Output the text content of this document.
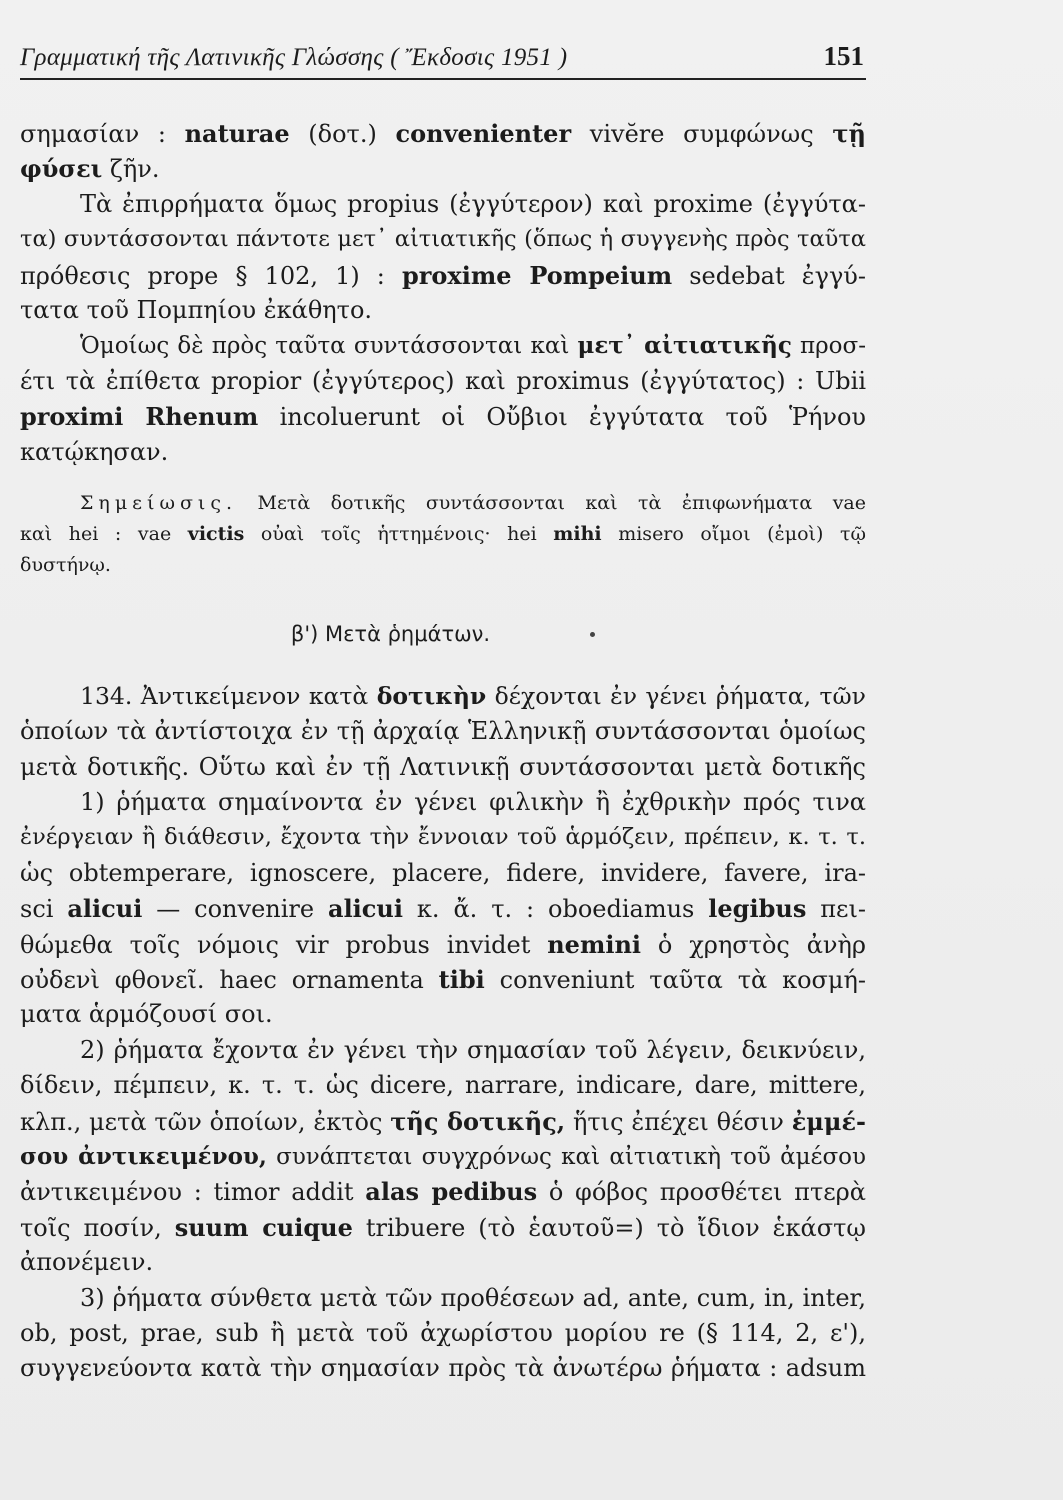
Γραμματική τῆς Λατινικῆς Γλώσσης ( Ἔκδοσις 1951 )	151
σημασίαν : naturae (δοτ.) convenienter vivĕre συμφώνως τῇ
φύσει ζῆν.
Τὰ ἐπιρρήματα ὅμως propius (ἐγγύτερον) καὶ proxime (ἐγγύτα-
τα) συντάσσονται πάντοτε μετ᾽ αἰτιατικῆς (ὅπως ἡ συγγενὴς πρὸς ταῦτα
πρόθεσις prope § 102, 1) : proxime Pompeium sedebat ἐγγύ-
τατα τοῦ Πομπηίου ἐκάθητο.
Ὁμοίως δὲ πρὸς ταῦτα συντάσσονται καὶ μετ᾽ αἰτιατικῆς προσ-
έτι τὰ ἐπίθετα propior (ἐγγύτερος) καὶ proximus (ἐγγύτατος) : Ubii
proximi Rhenum incoluerunt οἱ Οὔβιοι ἐγγύτατα τοῦ Ῥήνου
κατῴκησαν.
Σημείωσις. Μετὰ δοτικῆς συντάσσονται καὶ τὰ ἐπιφωνήματα vae
καὶ hei : vae victis οὐαὶ τοῖς ἡττημένοις· hei mihi misero οἴμοι (ἐμοὶ) τῷ
δυστήνῳ.
β') Μετὰ ῥημάτων.
134. Ἀντικείμενον κατὰ δοτικὴν δέχονται ἐν γένει ῥήματα, τῶν
ὁποίων τὰ ἀντίστοιχα ἐν τῇ ἀρχαίᾳ Ἑλληνικῇ συντάσσονται ὁμοίως
μετὰ δοτικῆς. Οὕτω καὶ ἐν τῇ Λατινικῇ συντάσσονται μετὰ δοτικῆς
1) ῥήματα σημαίνοντα ἐν γένει φιλικὴν ἢ ἐχθρικὴν πρός τινα
ἐνέργειαν ἢ διάθεσιν, ἔχοντα τὴν ἔννοιαν τοῦ ἁρμόζειν, πρέπειν, κ. τ. τ.
ὡς obtemperare, ignoscere, placere, fidere, invidere, favere, ira-
sci alicui — convenire alicui κ. ἄ. τ. : oboediamus legibus πει-
θώμεθα τοῖς νόμοις vir probus invidet nemini ὁ χρηστὸς ἀνὴρ
οὐδενὶ φθονεῖ. haec ornamenta tibi conveniunt ταῦτα τὰ κοσμή-
ματα ἁρμόζουσί σοι.
2) ῥήματα ἔχοντα ἐν γένει τὴν σημασίαν τοῦ λέγειν, δεικνύειν,
δίδειν, πέμπειν, κ. τ. τ. ὡς dicere, narrare, indicare, dare, mittere,
κλπ., μετὰ τῶν ὁποίων, ἐκτὸς τῆς δοτικῆς, ἥτις ἐπέχει θέσιν ἐμμέ-
σου ἀντικειμένου, συνάπτεται συγχρόνως καὶ αἰτιατικὴ τοῦ ἀμέσου
ἀντικειμένου : timor addit alas pedibus ὁ φόβος προσθέτει πτερὰ
τοῖς ποσίν, suum cuique tribuere (τὸ ἑαυτοῦ=) τὸ ἴδιον ἑκάστῳ
ἀπονέμειν.
3) ῥήματα σύνθετα μετὰ τῶν προθέσεων ad, ante, cum, in, inter,
ob, post, prae, sub ἢ μετὰ τοῦ ἀχωρίστου μορίου re (§ 114, 2, ε'),
συγγενεύοντα κατὰ τὴν σημασίαν πρὸς τὰ ἀνωτέρω ῥήματα : adsum
